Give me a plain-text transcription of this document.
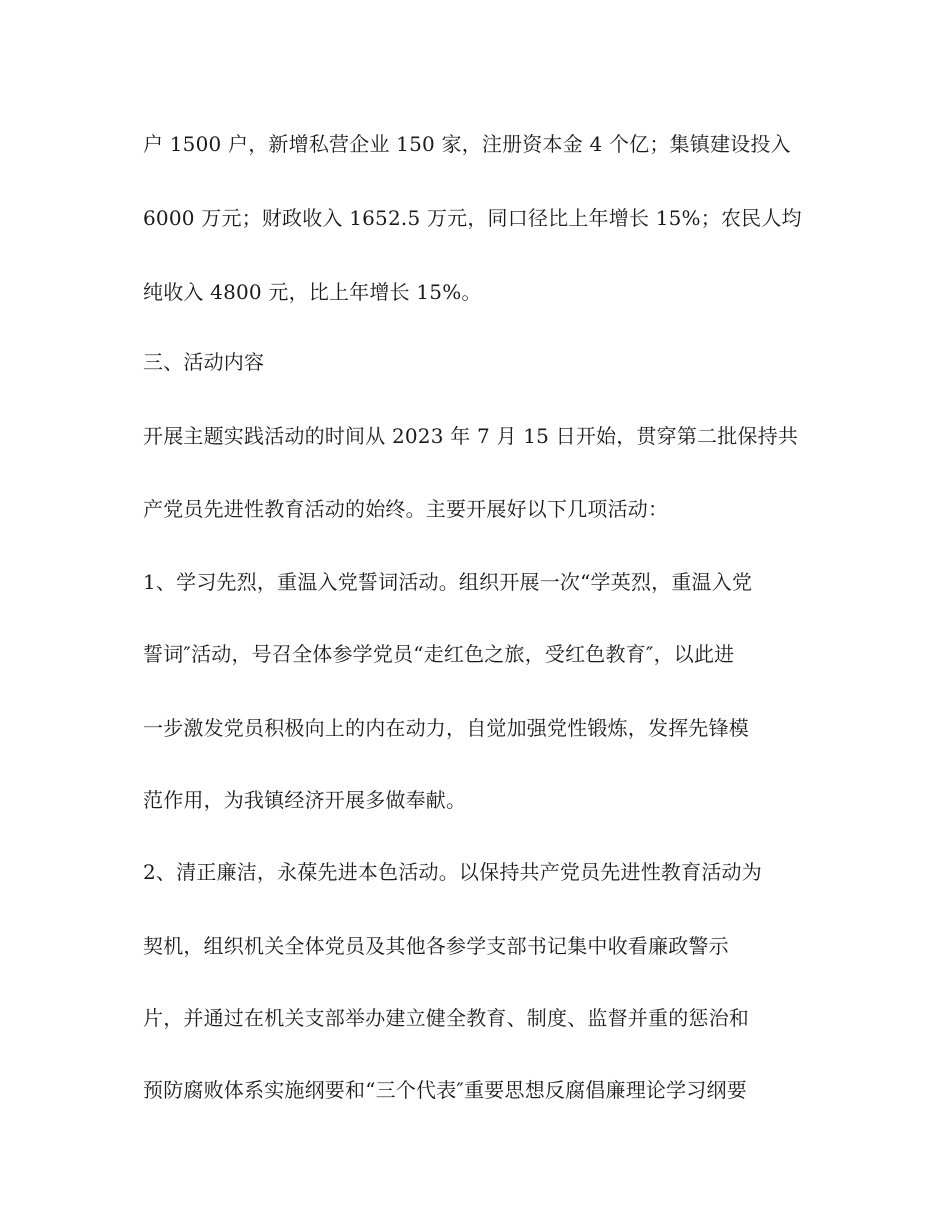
户 1500 户，新增私营企业 150 家，注册资本金 4 个亿；集镇建设投入
6000 万元；财政收入 1652.5 万元，同口径比上年增长 15%；农民人均
纯收入 4800 元，比上年增长 15%。
三、活动内容
开展主题实践活动的时间从 2023 年 7 月 15 日开始，贯穿第二批保持共
产党员先进性教育活动的始终。主要开展好以下几项活动：
1、学习先烈，重温入党誓词活动。组织开展一次“学英烈，重温入党
誓词″活动，号召全体参学党员“走红色之旅，受红色教育″，以此进
一步激发党员积极向上的内在动力，自觉加强党性锻炼，发挥先锋模
范作用，为我镇经济开展多做奉献。
2、清正廉洁，永葆先进本色活动。以保持共产党员先进性教育活动为
契机，组织机关全体党员及其他各参学支部书记集中收看廉政警示
片，并通过在机关支部举办建立健全教育、制度、监督并重的惩治和
预防腐败体系实施纲要和“三个代表″重要思想反腐倡廉理论学习纲要
